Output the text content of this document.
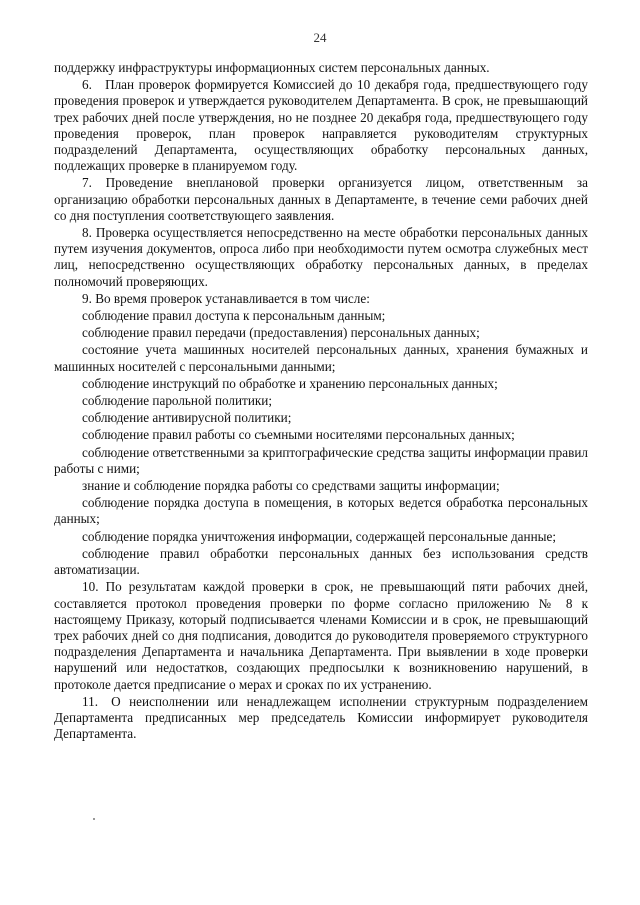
24

поддержку инфраструктуры информационных систем персональных данных.

6. План проверок формируется Комиссией до 10 декабря года, предшествующего году проведения проверок и утверждается руководителем Департамента. В срок, не превышающий трех рабочих дней после утверждения, но не позднее 20 декабря года, предшествующего году проведения проверок, план проверок направляется руководителям структурных подразделений Департамента, осуществляющих обработку персональных данных, подлежащих проверке в планируемом году.

7. Проведение внеплановой проверки организуется лицом, ответственным за организацию обработки персональных данных в Департаменте, в течение семи рабочих дней со дня поступления соответствующего заявления.

8. Проверка осуществляется непосредственно на месте обработки персональных данных путем изучения документов, опроса либо при необходимости путем осмотра служебных мест лиц, непосредственно осуществляющих обработку персональных данных, в пределах полномочий проверяющих.

9. Во время проверок устанавливается в том числе:

соблюдение правил доступа к персональным данным;

соблюдение правил передачи (предоставления) персональных данных;

состояние учета машинных носителей персональных данных, хранения бумажных и машинных носителей с персональными данными;

соблюдение инструкций по обработке и хранению персональных данных;

соблюдение парольной политики;

соблюдение антивирусной политики;

соблюдение правил работы со съемными носителями персональных данных;

соблюдение ответственными за криптографические средства защиты информации правил работы с ними;

знание и соблюдение порядка работы со средствами защиты информации;

соблюдение порядка доступа в помещения, в которых ведется обработка персональных данных;

соблюдение порядка уничтожения информации, содержащей персональные данные;

соблюдение правил обработки персональных данных без использования средств автоматизации.

10. По результатам каждой проверки в срок, не превышающий пяти рабочих дней, составляется протокол проведения проверки по форме согласно приложению № 8 к настоящему Приказу, который подписывается членами Комиссии и в срок, не превышающий трех рабочих дней со дня подписания, доводится до руководителя проверяемого структурного подразделения Департамента и начальника Департамента. При выявлении в ходе проверки нарушений или недостатков, создающих предпосылки к возникновению нарушений, в протоколе дается предписание о мерах и сроках по их устранению.

11. О неисполнении или ненадлежащем исполнении структурным подразделением Департамента предписанных мер председатель Комиссии информирует руководителя Департамента.
